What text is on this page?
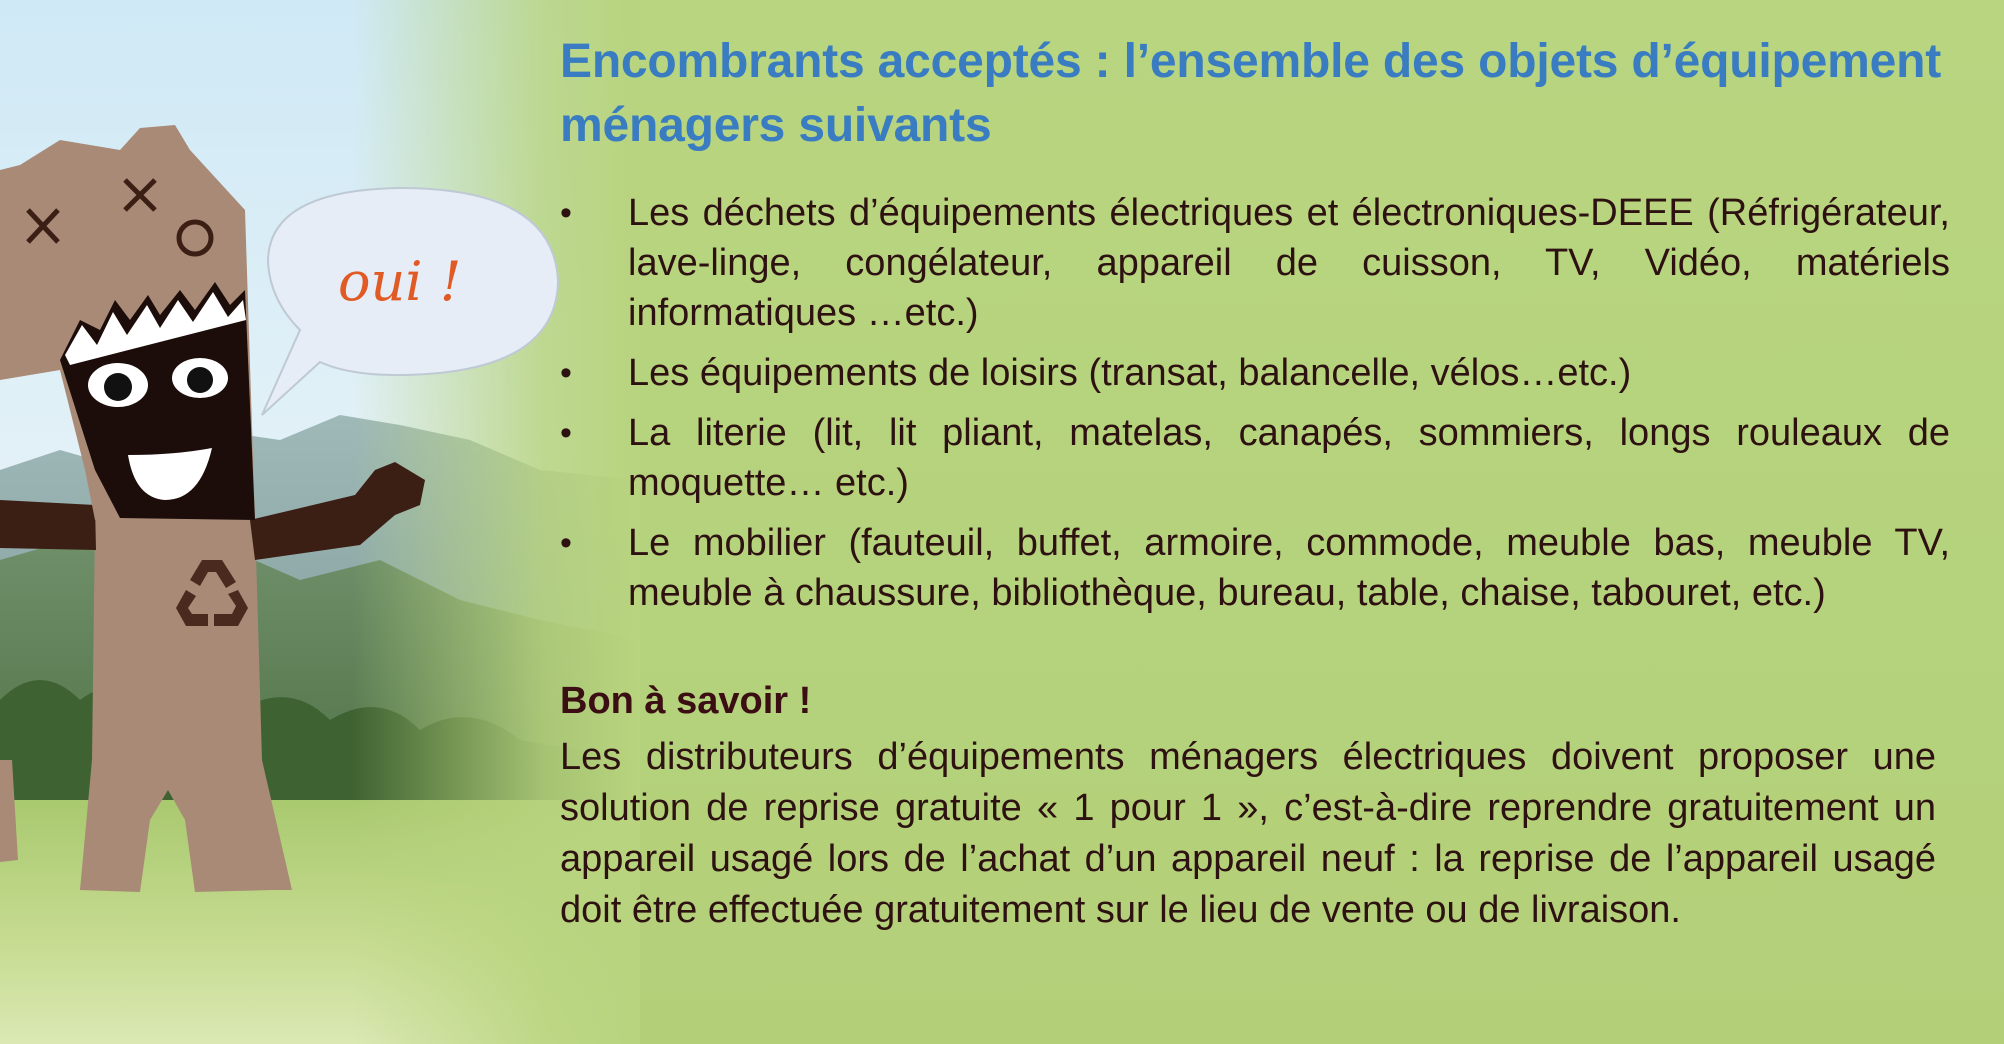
oui !
Encombrants acceptés : l’ensemble des objets d’équipement ménagers suivants
•	Les déchets d’équipements électriques et électroniques-DEEE (Réfrigérateur, lave-linge, congélateur, appareil de cuisson, TV, Vidéo, matériels informatiques …etc.)
•	Les équipements de loisirs (transat, balancelle, vélos…etc.)
•	La literie (lit, lit pliant, matelas, canapés, sommiers, longs rouleaux de moquette… etc.)
•	Le mobilier (fauteuil, buffet, armoire, commode, meuble bas, meuble TV, meuble à chaussure, bibliothèque, bureau, table, chaise, tabouret, etc.)
Bon à savoir !

Les distributeurs d’équipements ménagers électriques doivent proposer une solution de reprise gratuite « 1 pour 1 », c’est-à-dire reprendre gratuitement un appareil usagé lors de l’achat d’un appareil neuf : la reprise de l’appareil usagé doit être effectuée gratuitement sur le lieu de vente ou de livraison.
